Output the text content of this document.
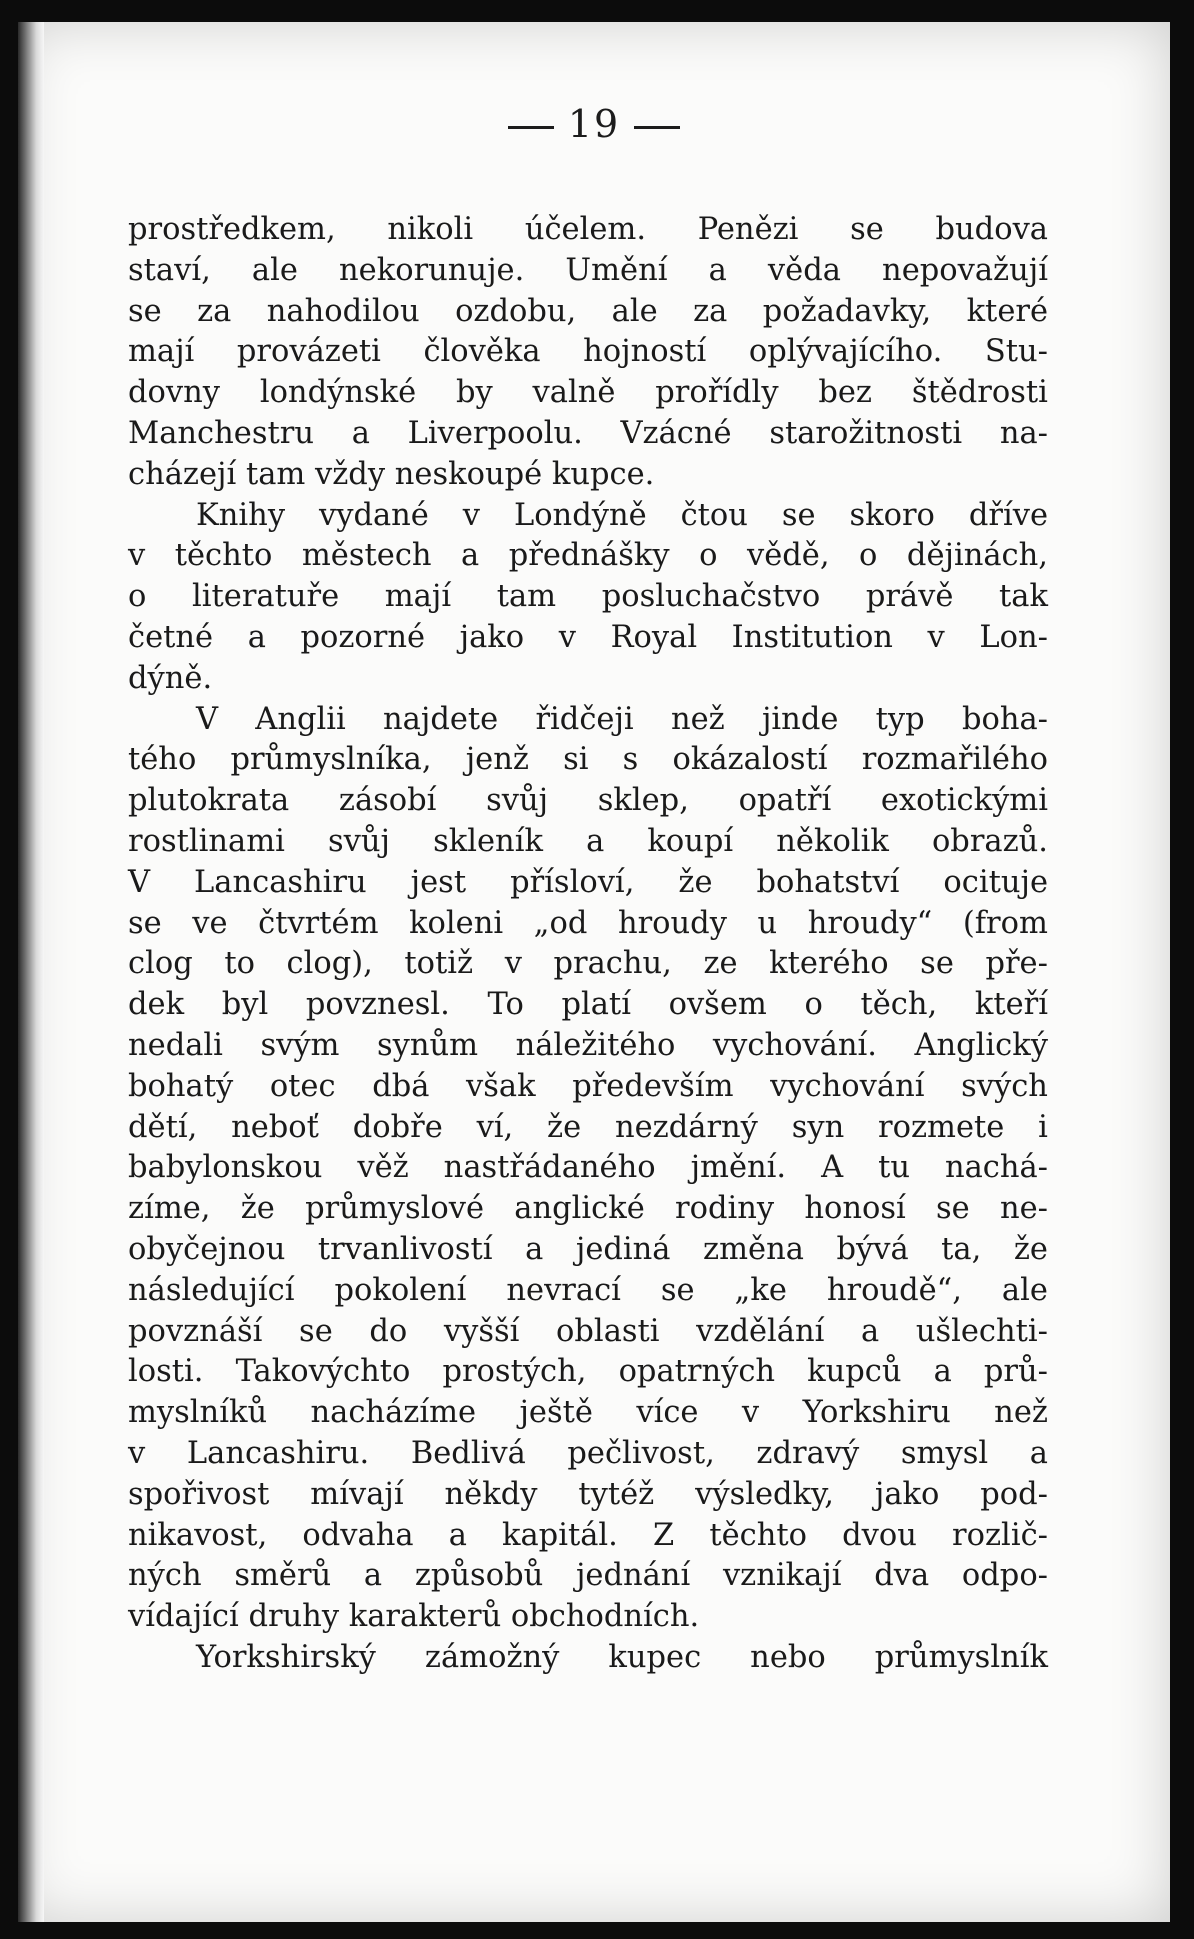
19
prostředkem, nikoli účelem. Penězi se budova
staví, ale nekorunuje. Umění a věda nepovažují
se za nahodilou ozdobu, ale za požadavky, které
mají provázeti člověka hojností oplývajícího. Stu-
dovny londýnské by valně prořídly bez štědrosti
Manchestru a Liverpoolu. Vzácné starožitnosti na-
cházejí tam vždy neskoupé kupce.
Knihy vydané v Londýně čtou se skoro dříve
v těchto městech a přednášky o vědě, o dějinách,
o literatuře mají tam posluchačstvo právě tak
četné a pozorné jako v Royal Institution v Lon-
dýně.
V Anglii najdete řidčeji než jinde typ boha-
tého průmyslníka, jenž si s okázalostí rozmařilého
plutokrata zásobí svůj sklep, opatří exotickými
rostlinami svůj skleník a koupí několik obrazů.
V Lancashiru jest přísloví, že bohatství ocituje
se ve čtvrtém koleni „od hroudy u hroudy“ (from
clog to clog), totiž v prachu, ze kterého se pře-
dek byl povznesl. To platí ovšem o těch, kteří
nedali svým synům náležitého vychování. Anglický
bohatý otec dbá však především vychování svých
dětí, neboť dobře ví, že nezdárný syn rozmete i
babylonskou věž nastřádaného jmění. A tu nachá-
zíme, že průmyslové anglické rodiny honosí se ne-
obyčejnou trvanlivostí a jediná změna bývá ta, že
následující pokolení nevrací se „ke hroudě“, ale
povznáší se do vyšší oblasti vzdělání a ušlechti-
losti. Takovýchto prostých, opatrných kupců a prů-
myslníků nacházíme ještě více v Yorkshiru než
v Lancashiru. Bedlivá pečlivost, zdravý smysl a
spořivost mívají někdy tytéž výsledky, jako pod-
nikavost, odvaha a kapitál. Z těchto dvou rozlič-
ných směrů a způsobů jednání vznikají dva odpo-
vídající druhy karakterů obchodních.
Yorkshirský zámožný kupec nebo průmyslník
